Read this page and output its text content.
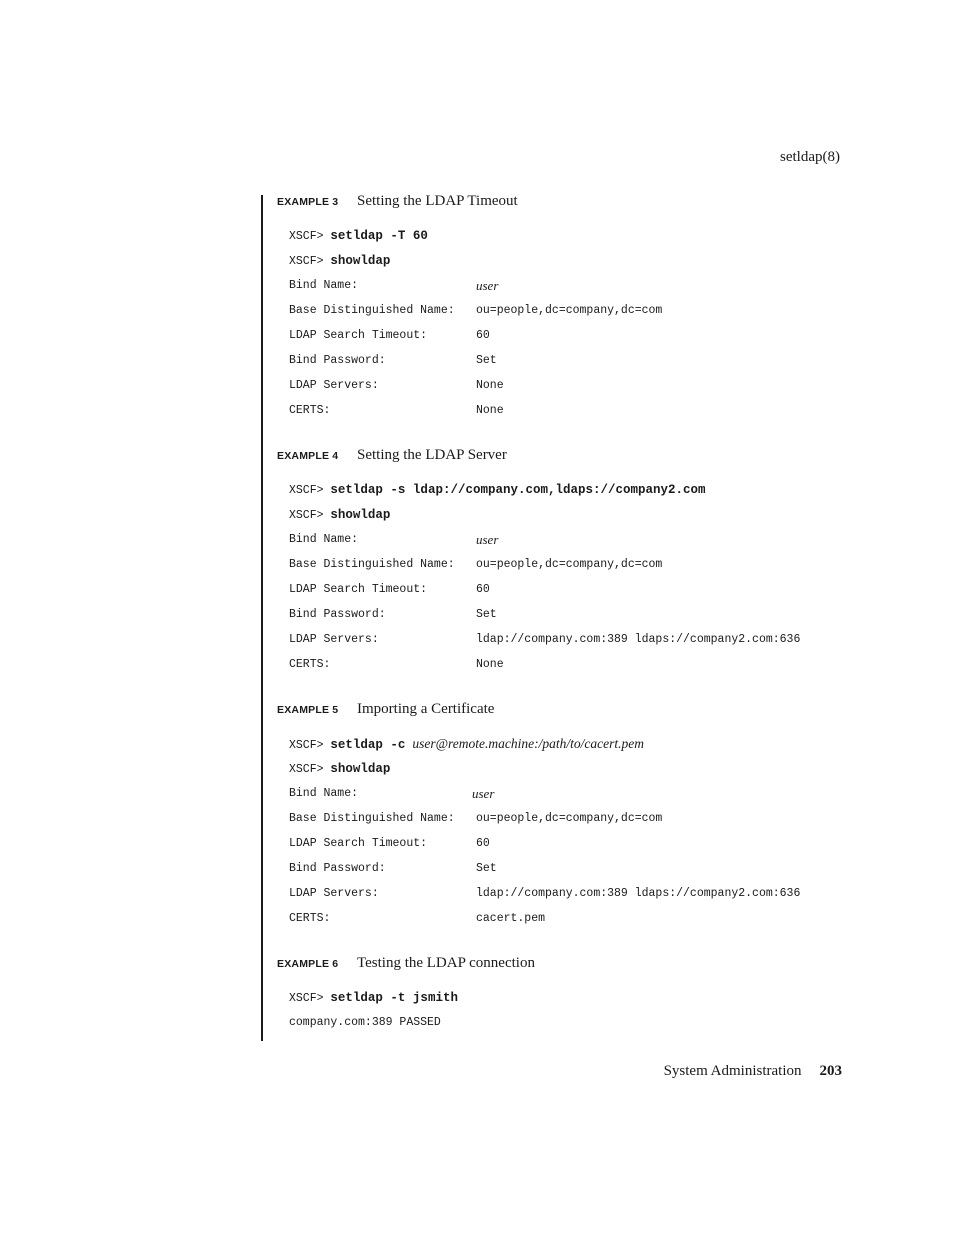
setldap(8)
EXAMPLE 3 Setting the LDAP Timeout
XSCF> setldap -T 60
XSCF> showldap
Bind Name:	user
Base Distinguished Name: ou=people,dc=company,dc=com
LDAP Search Timeout:	60
Bind Password:	Set
LDAP Servers:	None
CERTS:	None
EXAMPLE 4 Setting the LDAP Server
XSCF> setldap -s ldap://company.com,ldaps://company2.com
XSCF> showldap
Bind Name:	user
Base Distinguished Name: ou=people,dc=company,dc=com
LDAP Search Timeout:	60
Bind Password:	Set
LDAP Servers:	ldap://company.com:389 ldaps://company2.com:636
CERTS:	None
EXAMPLE 5 Importing a Certificate
XSCF> setldap -c user@remote.machine:/path/to/cacert.pem
XSCF> showldap
Bind Name:	user
Base Distinguished Name: ou=people,dc=company,dc=com
LDAP Search Timeout:	60
Bind Password:	Set
LDAP Servers:	ldap://company.com:389 ldaps://company2.com:636
CERTS:	cacert.pem
EXAMPLE 6 Testing the LDAP connection
XSCF> setldap -t jsmith
company.com:389 PASSED
System Administration 203
